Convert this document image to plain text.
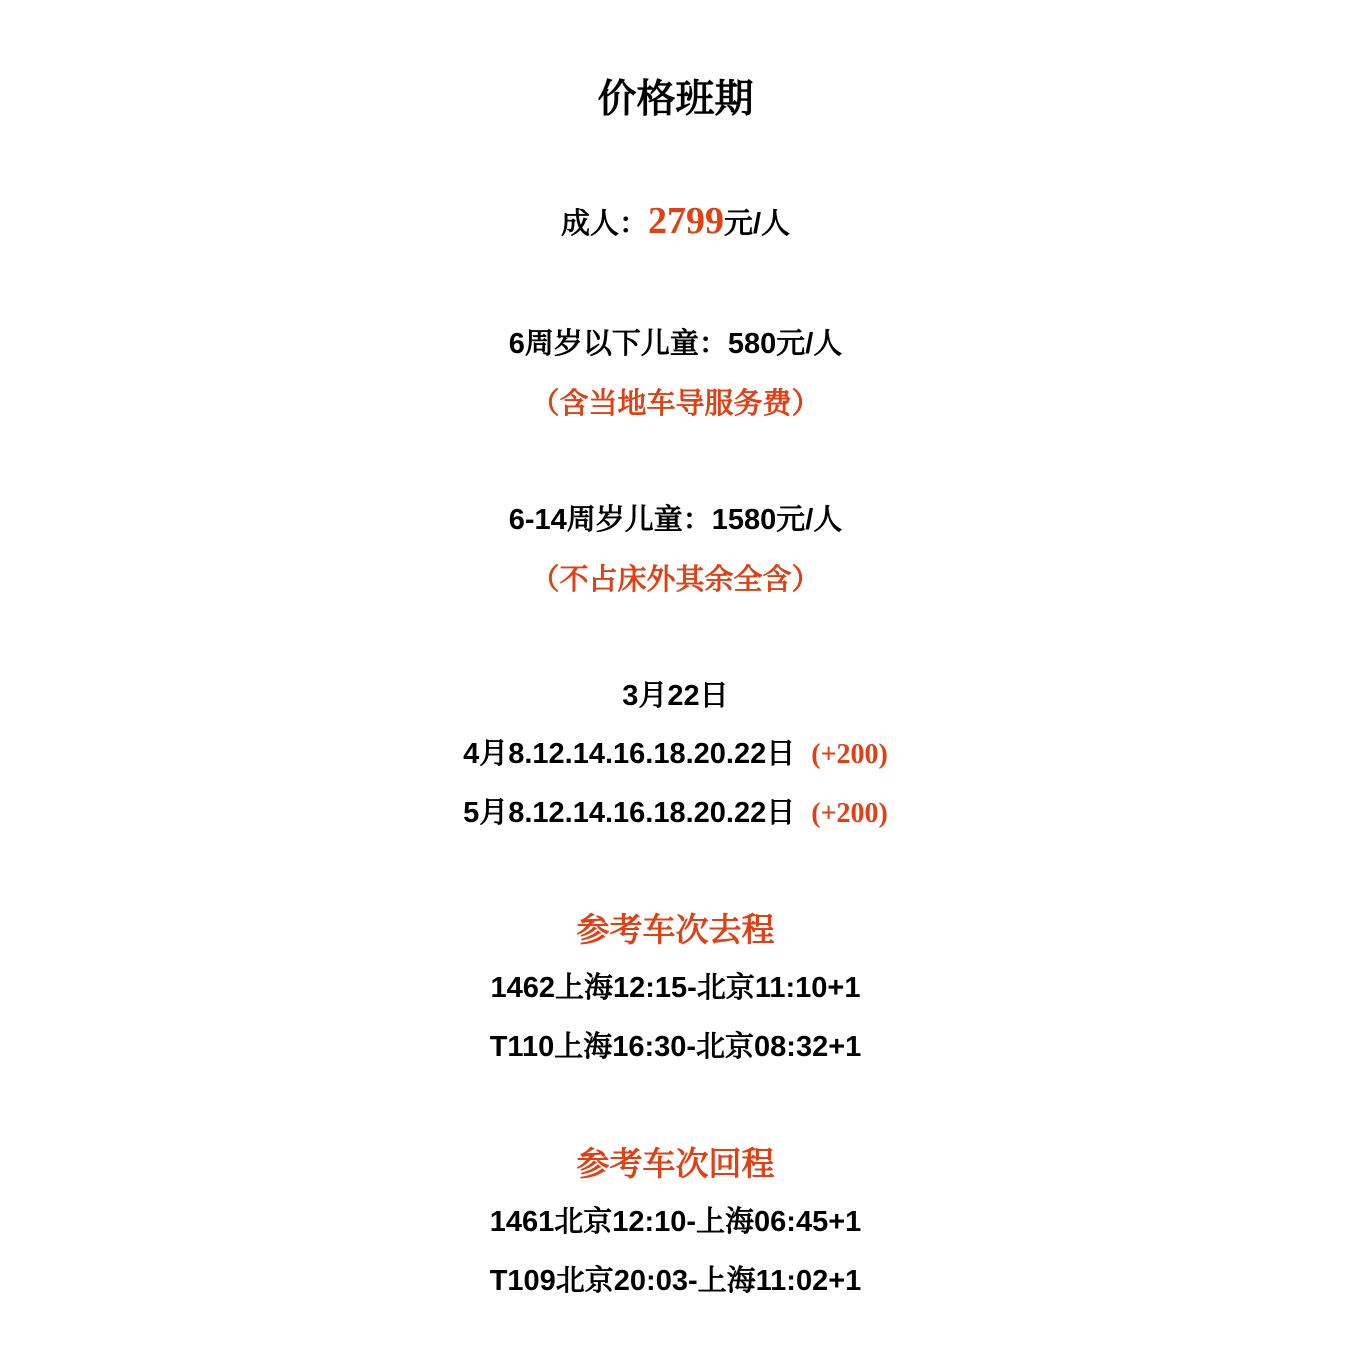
价格班期
成人：2799元/人
6周岁以下儿童：580元/人
（含当地车导服务费）
6-14周岁儿童：1580元/人
（不占床外其余全含）
3月22日
4月8.12.14.16.18.20.22日 (+200)
5月8.12.14.16.18.20.22日 (+200)
参考车次去程
1462上海12:15-北京11:10+1
T110上海16:30-北京08:32+1
参考车次回程
1461北京12:10-上海06:45+1
T109北京20:03-上海11:02+1
